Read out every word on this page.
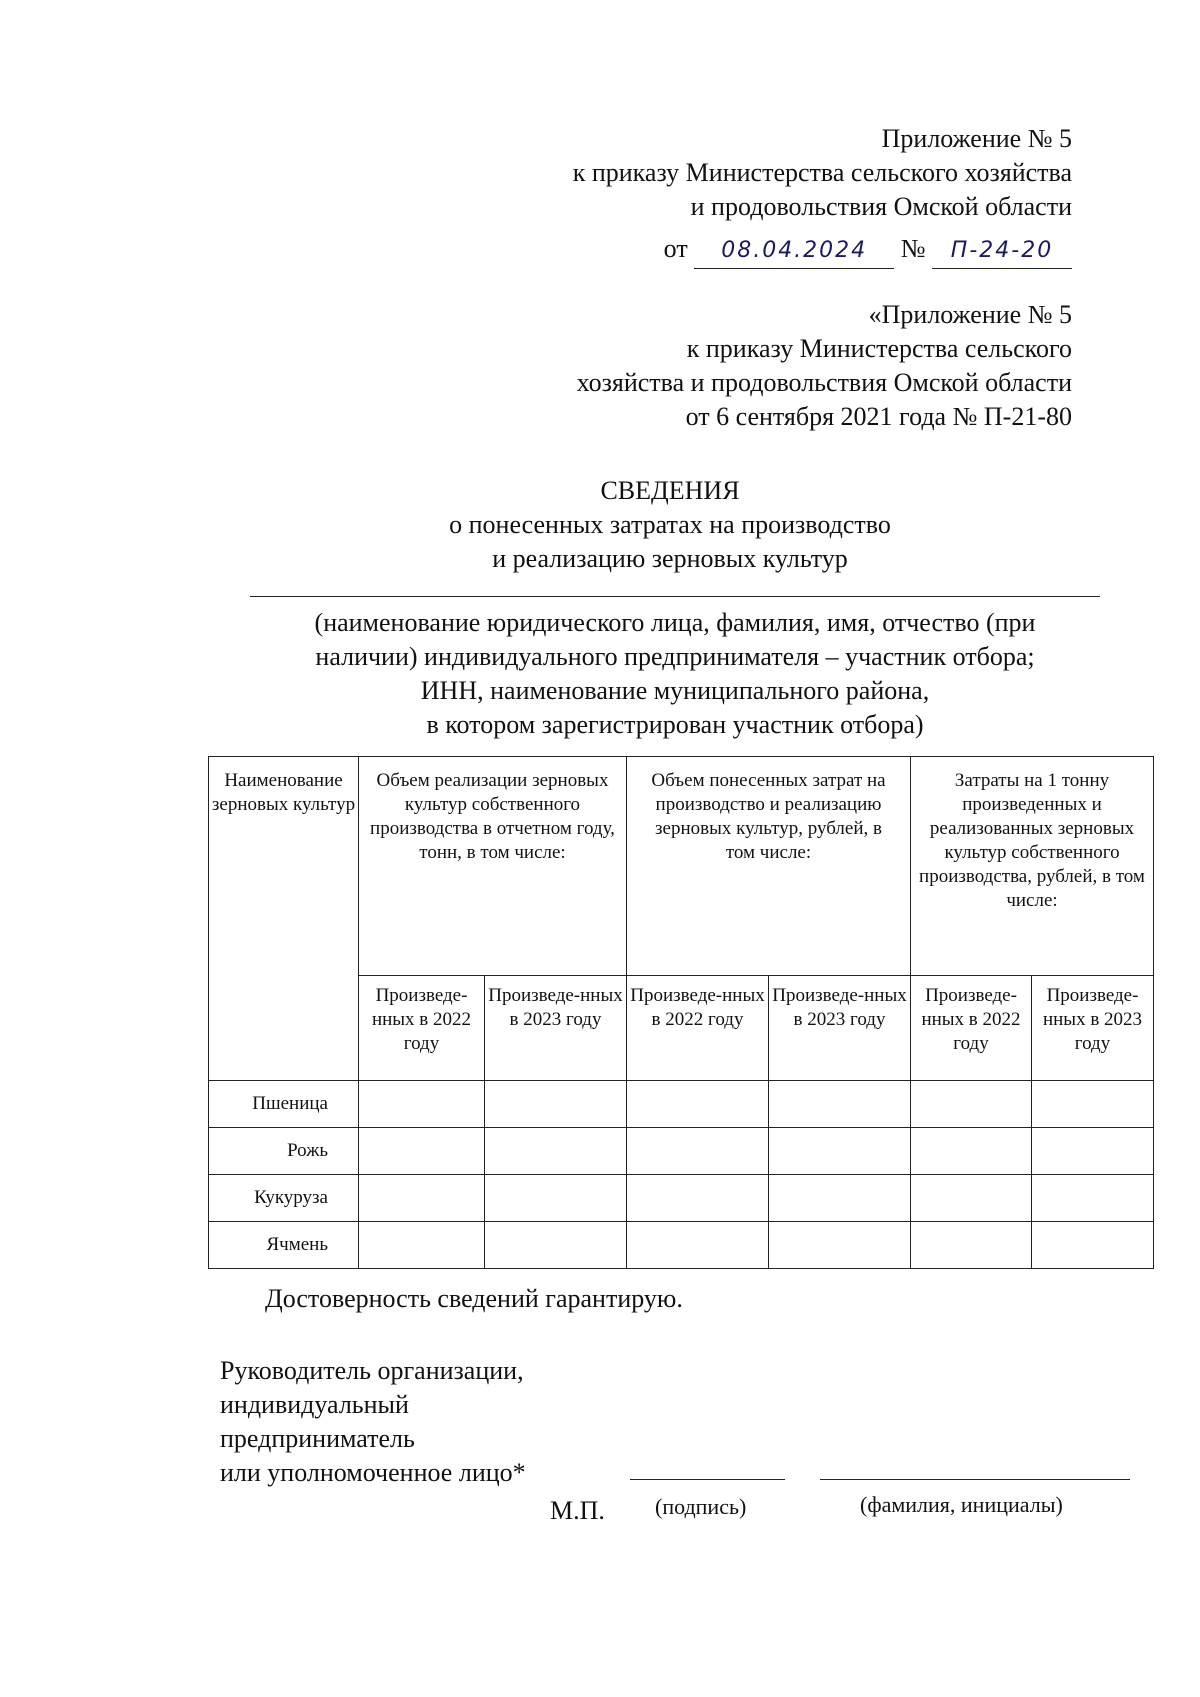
Приложение № 5
к приказу Министерства сельского хозяйства
и продовольствия Омской области
от 08.04.2024 № П-24-20
«Приложение № 5
к приказу Министерства сельского
хозяйства и продовольствия Омской области
от 6 сентября 2021 года № П-21-80
СВЕДЕНИЯ
о понесенных затратах на производство
и реализацию зерновых культур
(наименование юридического лица, фамилия, имя, отчество (при
наличии) индивидуального предпринимателя – участник отбора;
ИНН, наименование муниципального района,
в котором зарегистрирован участник отбора)
Наименование зерновых культур	Объем реализации зерновых культур собственного производства в отчетном году, тонн, в том числе:		Объем понесенных затрат на производство и реализацию зерновых культур, рублей, в том числе:		Затраты на 1 тонну произведенных и реализованных зерновых культур собственного производства, рублей, в том числе:	

	Произведе-нных в 2022 году	Произведе-нных в 2023 году	Произведе-нных в 2022 году	Произведе-нных в 2023 году	Произведе-нных в 2022 году	Произведе-нных в 2023 году
Пшеница						
Рожь						
Кукуруза						
Ячмень						
Достоверность сведений гарантирую.
Руководитель организации,
индивидуальный
предприниматель
или уполномоченное лицо*
М.П. (подпись)	(фамилия, инициалы)
